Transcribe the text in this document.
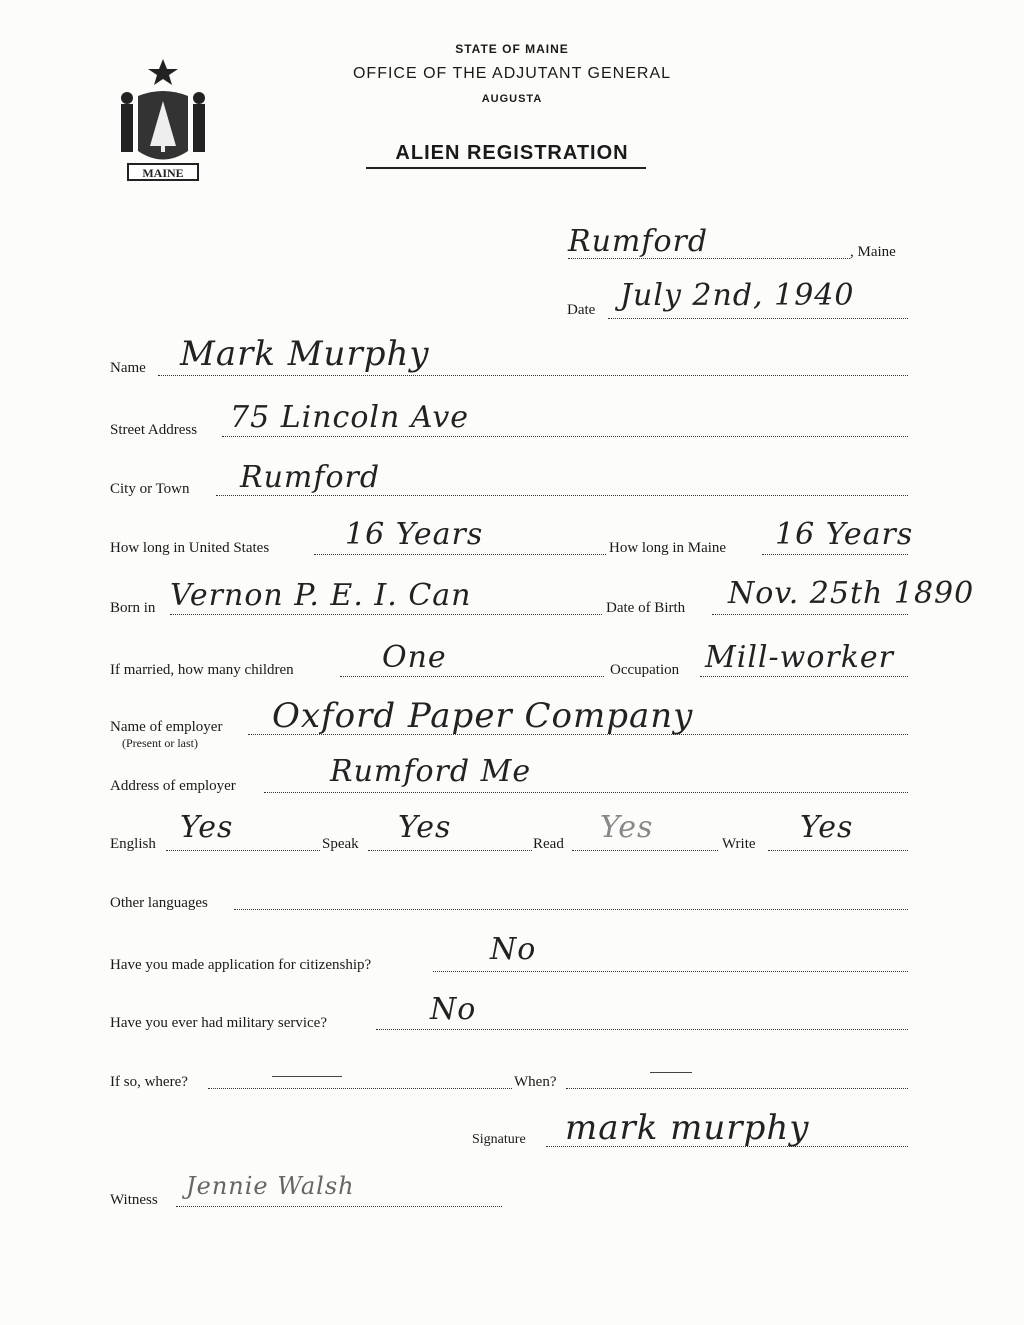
STATE OF MAINE
OFFICE OF THE ADJUTANT GENERAL
AUGUSTA
ALIEN REGISTRATION
MAINE
Rumford	, Maine
Date July 2nd, 1940
Name Mark Murphy
Street Address 75 Lincoln Ave
City or Town Rumford
How long in United States	16 Years	How long in Maine 16 Years
Born in Vernon P. E. I. Can	Date of Birth Nov. 25th 1890
If married, how many children	One	Occupation Mill-worker
Name of employer
(Present or last)
Oxford Paper Company
Address of employer	Rumford Me
English Yes	Speak Yes	Read Yes	Write Yes
Other languages
Have you made application for citizenship?	No
Have you ever had military service?	No
If so, where?	When?
Signature mark murphy
Witness Jennie Walsh
